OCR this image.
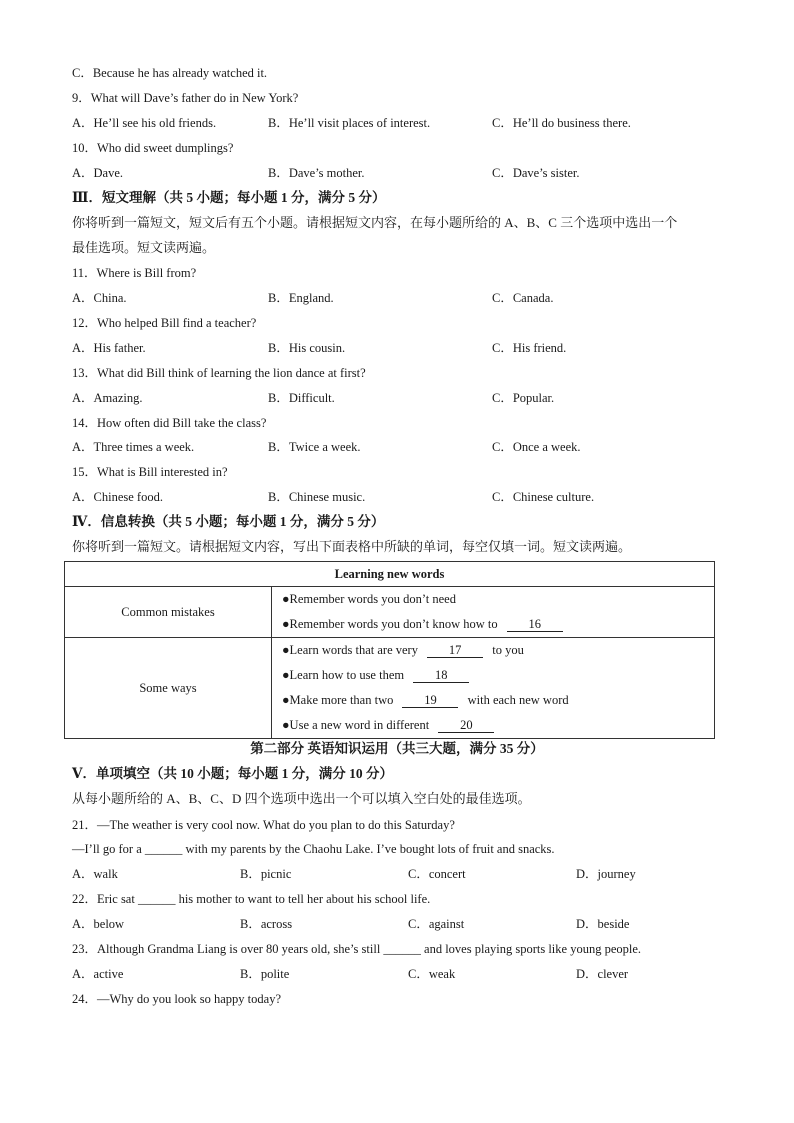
C．Because he has already watched it.
9．What will Dave’s father do in New York?
A．He’ll see his old friends.	B．He’ll visit places of interest.	C．He’ll do business there.
10．Who did sweet dumplings?
A．Dave.	B．Dave’s mother.	C．Dave’s sister.
Ⅲ．短文理解（共 5 小题；每小题 1 分，满分 5 分）
你将听到一篇短文，短文后有五个小题。请根据短文内容，在每小题所给的 A、B、C 三个选项中选出一个
最佳选项。短文读两遍。
11．Where is Bill from?
A．China.	B．England.	C．Canada.
12．Who helped Bill find a teacher?
A．His father.	B．His cousin.	C．His friend.
13．What did Bill think of learning the lion dance at first?
A．Amazing.	B．Difficult.	C．Popular.
14．How often did Bill take the class?
A．Three times a week.	B．Twice a week.	C．Once a week.
15．What is Bill interested in?
A．Chinese food.	B．Chinese music.	C．Chinese culture.
Ⅳ．信息转换（共 5 小题；每小题 1 分，满分 5 分）
你将听到一篇短文。请根据短文内容，写出下面表格中所缺的单词，每空仅填一词。短文读两遍。
Learning new words	
Common mistakes	●Remember words you don’t need
●Remember words you don’t know how to 16

Some ways	●Learn words that are very 17 to you
●Learn how to use them 18
●Make more than two 19 with each new word
●Use a new word in different 20
第二部分 英语知识运用（共三大题，满分 35 分）
Ⅴ．单项填空（共 10 小题；每小题 1 分，满分 10 分）
从每小题所给的 A、B、C、D 四个选项中选出一个可以填入空白处的最佳选项。
21．—The weather is very cool now. What do you plan to do this Saturday?
—I’ll go for a ______ with my parents by the Chaohu Lake. I’ve bought lots of fruit and snacks.
A．walk	B．picnic	C．concert	D．journey
22．Eric sat ______ his mother to want to tell her about his school life.
A．below	B．across	C．against	D．beside
23．Although Grandma Liang is over 80 years old, she’s still ______ and loves playing sports like young people.
A．active	B．polite	C．weak	D．clever
24．—Why do you look so happy today?
